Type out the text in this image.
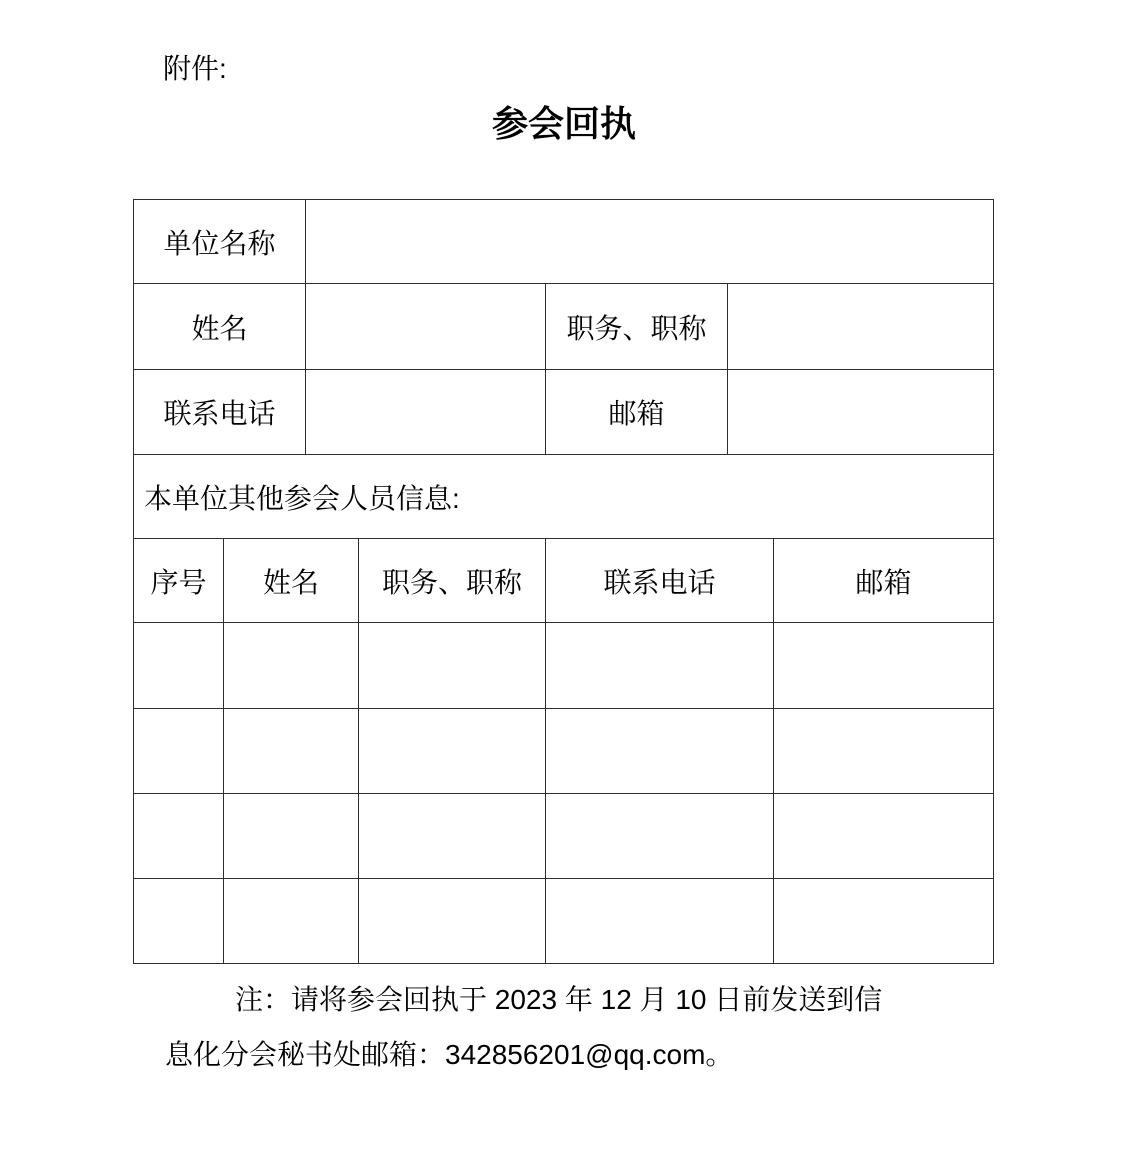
附件:
参会回执
单位名称						
姓名				职务、职称		
联系电话				邮箱		
本单位其他参会人员信息:						
序号	姓名		职务、职称	联系电话		邮箱

注：请将参会回执于 2023 年 12 月 10 日前发送到信
息化分会秘书处邮箱：342856201@qq.com。
